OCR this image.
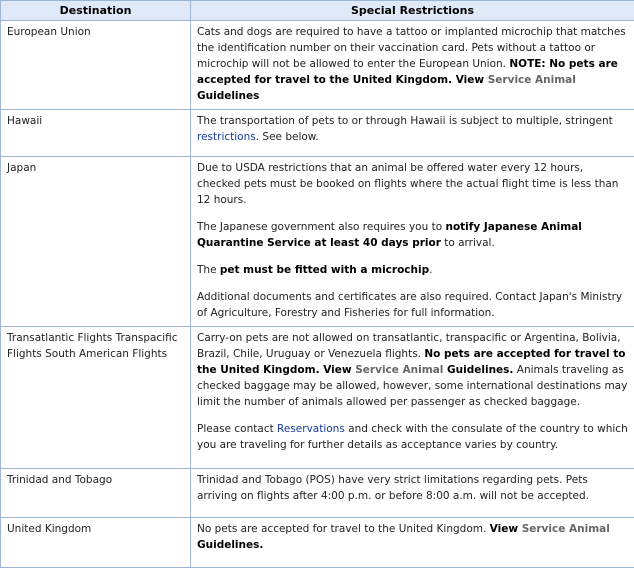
Destination	Special Restrictions
European Union	Cats and dogs are required to have a tattoo or implanted microchip that matches the identification number on their vaccination card. Pets without a tattoo or microchip will not be allowed to enter the European Union. NOTE: No pets are accepted for travel to the United Kingdom. View Service Animal Guidelines

Hawaii	The transportation of pets to or through Hawaii is subject to multiple, stringent restrictions. See below.

Japan	Due to USDA restrictions that an animal be offered water every 12 hours, checked pets must be booked on flights where the actual flight time is less than 12 hours.

The Japanese government also requires you to notify Japanese Animal Quarantine Service at least 40 days prior to arrival.

The pet must be fitted with a microchip.

Additional documents and certificates are also required. Contact Japan's Ministry of Agriculture, Forestry and Fisheries for full information.

Transatlantic Flights Transpacific Flights South American Flights	Carry-on pets are not allowed on transatlantic, transpacific or Argentina, Bolivia, Brazil, Chile, Uruguay or Venezuela flights. No pets are accepted for travel to the United Kingdom. View Service Animal Guidelines. Animals traveling as checked baggage may be allowed, however, some international destinations may limit the number of animals allowed per passenger as checked baggage.

Please contact Reservations and check with the consulate of the country to which you are traveling for further details as acceptance varies by country.

Trinidad and Tobago	Trinidad and Tobago (POS) have very strict limitations regarding pets. Pets arriving on flights after 4:00 p.m. or before 8:00 a.m. will not be accepted.

United Kingdom	No pets are accepted for travel to the United Kingdom. View Service Animal Guidelines.
